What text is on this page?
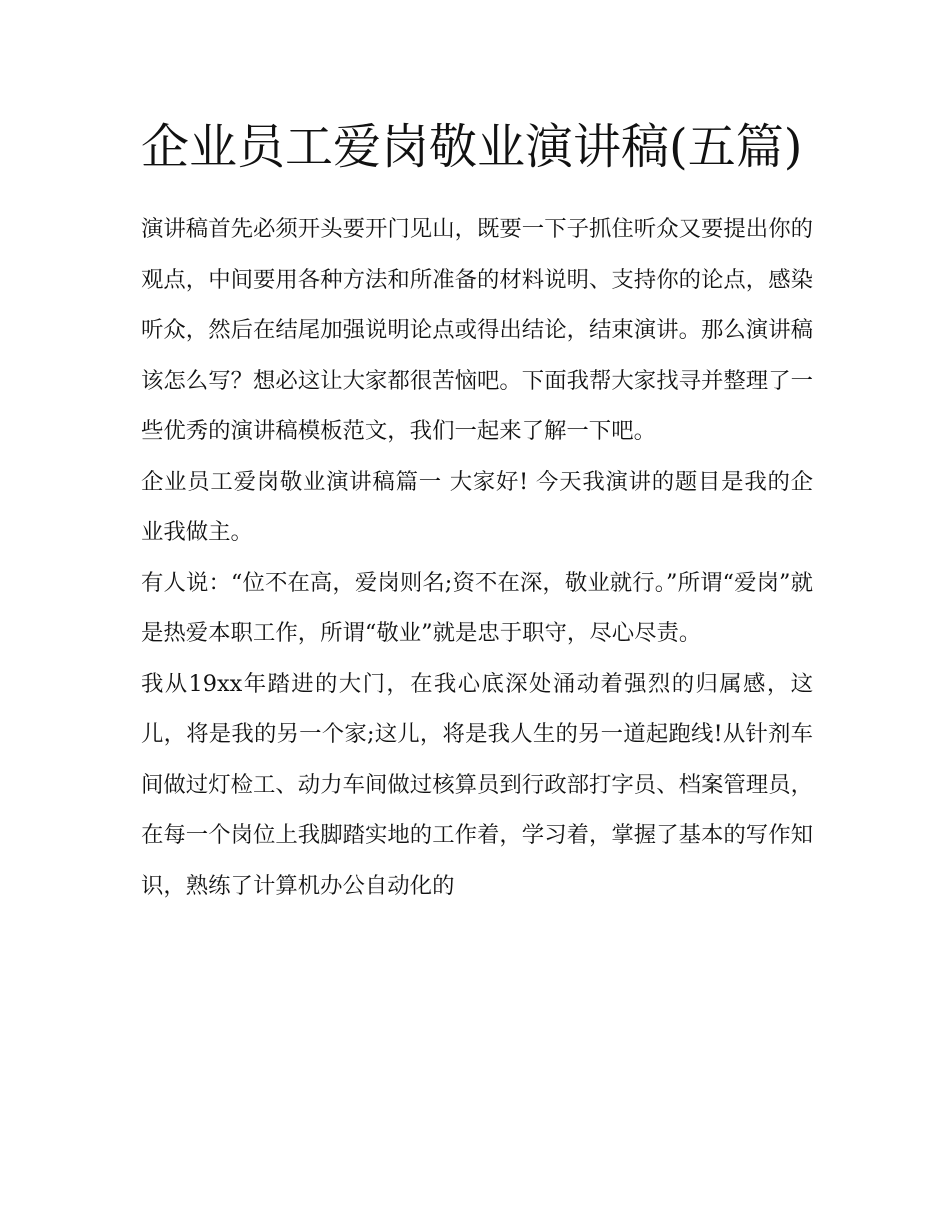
企业员工爱岗敬业演讲稿(五篇)

演讲稿首先必须开头要开门见山，既要一下子抓住听众又要提出你的观点，中间要用各种方法和所准备的材料说明、支持你的论点，感染听众，然后在结尾加强说明论点或得出结论，结束演讲。那么演讲稿该怎么写？想必这让大家都很苦恼吧。下面我帮大家找寻并整理了一些优秀的演讲稿模板范文，我们一起来了解一下吧。

企业员工爱岗敬业演讲稿篇一 大家好! 今天我演讲的题目是我的企业我做主。

有人说：“位不在高，爱岗则名;资不在深，敬业就行。”所谓“爱岗”就是热爱本职工作，所谓“敬业”就是忠于职守，尽心尽责。

我从19xx年踏进的大门，在我心底深处涌动着强烈的归属感，这儿，将是我的另一个家;这儿，将是我人生的另一道起跑线!从针剂车间做过灯检工、动力车间做过核算员到行政部打字员、档案管理员，在每一个岗位上我脚踏实地的工作着，学习着，掌握了基本的写作知识，熟练了计算机办公自动化的
